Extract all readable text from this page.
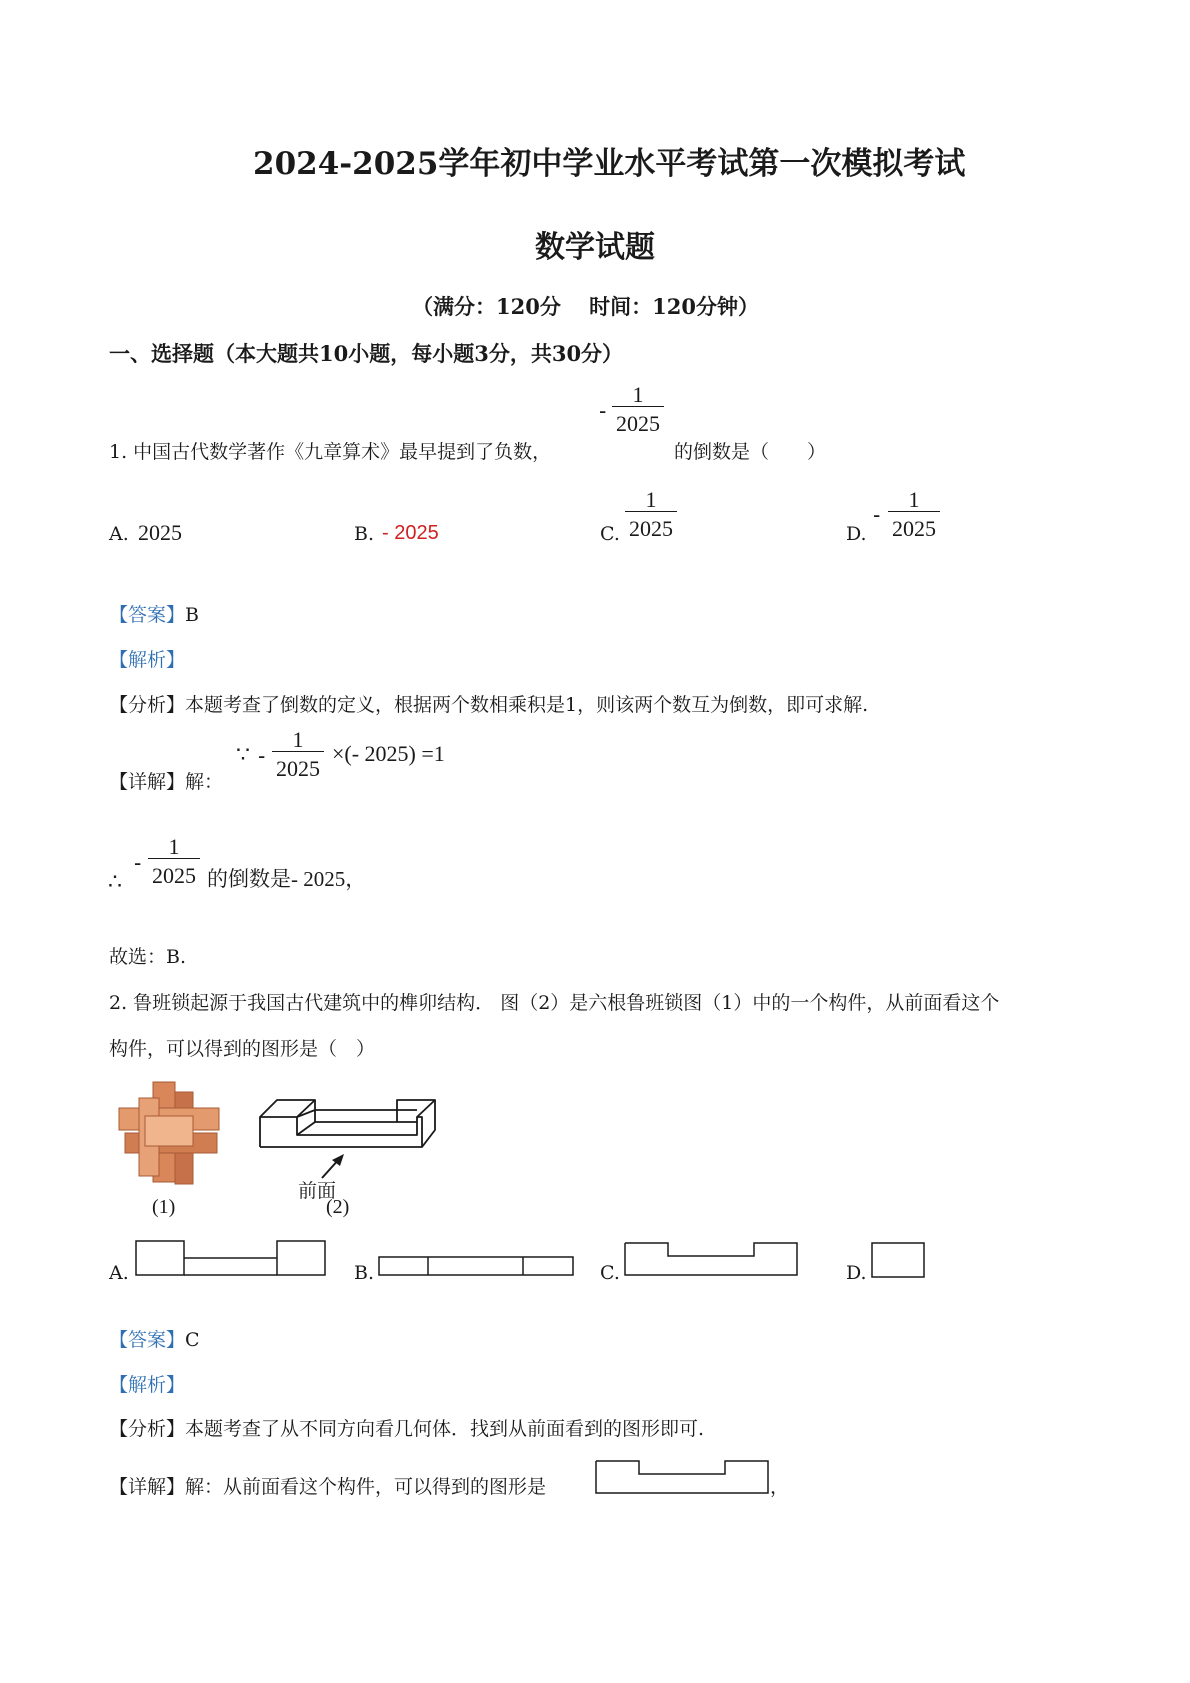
2024-2025学年初中学业水平考试第一次模拟考试
数学试题
（满分：120分　 时间：120分钟）
一、选择题（本大题共10小题，每小题3分，共30分）
1. 中国古代数学著作《九章算术》最早提到了负数，
-
1
2025
的倒数是（　　）
A. 2025	B. - 2025	C.
1
2025	D.
-
1
2025
【答案】B
【解析】
【分析】本题考查了倒数的定义，根据两个数相乘积是1，则该两个数互为倒数，即可求解.
【详解】解：
∵ -
1
2025
×(- 2025) =1
∴
-
1
2025 的倒数是- 2025，
故选：B.
2. 鲁班锁起源于我国古代建筑中的榫卯结构． 图（2）是六根鲁班锁图（1）中的一个构件，从前面看这个
构件，可以得到的图形是（　）
(1)
前面
(2)
A.	B.	C.	D.
【答案】C
【解析】
【分析】本题考查了从不同方向看几何体．找到从前面看到的图形即可.
【详解】解：从前面看这个构件，可以得到的图形是	，
